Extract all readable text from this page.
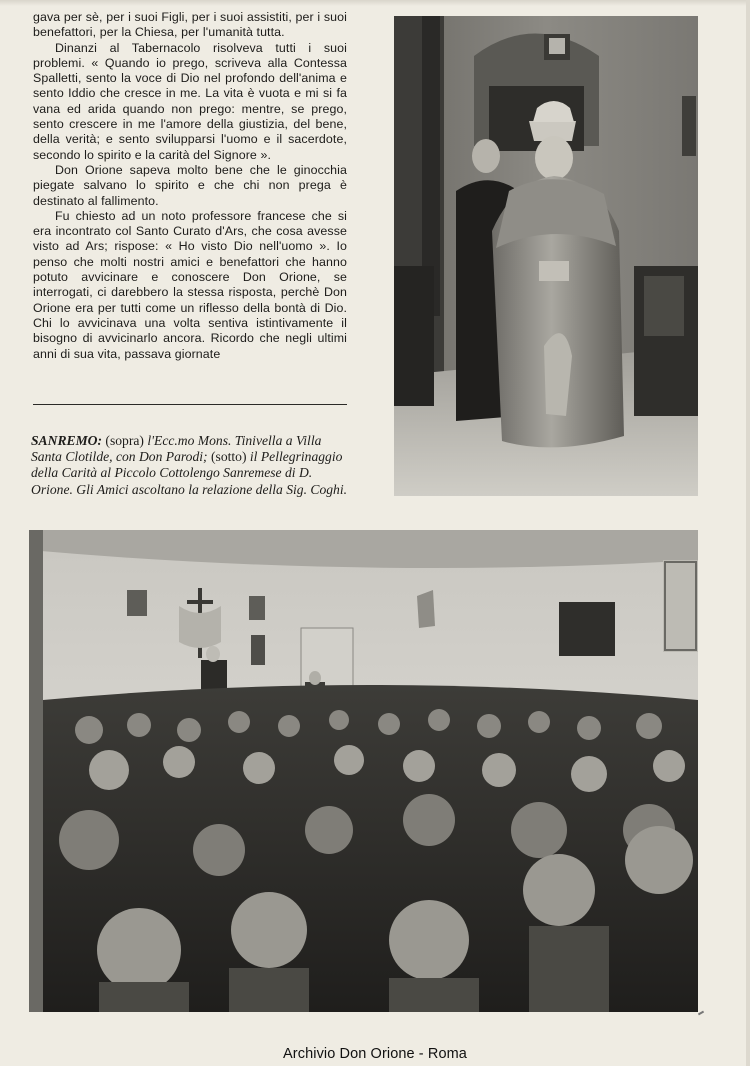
gava per sè, per i suoi Figli, per i suoi assistiti, per i suoi benefattori, per la Chiesa, per l'umanità tutta.

Dinanzi al Tabernacolo risolveva tutti i suoi problemi. « Quando io prego, scriveva alla Contessa Spalletti, sento la voce di Dio nel profondo dell'anima e sento Iddio che cresce in me. La vita è vuota e mi si fa vana ed arida quando non prego: mentre, se prego, sento crescere in me l'amore della giustizia, del bene, della verità; e sento svilupparsi l'uomo e il sacerdote, secondo lo spirito e la carità del Signore ».

Don Orione sapeva molto bene che le ginocchia piegate salvano lo spirito e che chi non prega è destinato al fallimento.

Fu chiesto ad un noto professore francese che si era incontrato col Santo Curato d'Ars, che cosa avesse visto ad Ars; rispose: « Ho visto Dio nell'uomo ». Io penso che molti nostri amici e benefattori che hanno potuto avvicinare e conoscere Don Orione, se interrogati, ci darebbero la stessa risposta, perchè Don Orione era per tutti come un riflesso della bontà di Dio. Chi lo avvicinava una volta sentiva istintivamente il bisogno di avvicinarlo ancora. Ricordo che negli ultimi anni di sua vita, passava giornate

SANREMO: (sopra) l'Ecc.mo Mons. Tinivella a Villa Santa Clotilde, con Don Parodi; (sotto) il Pellegrinaggio della Carità al Piccolo Cottolengo Sanremese di D. Orione. Gli Amici ascoltano la relazione della Sig. Coghi.
Archivio Don Orione - Roma
